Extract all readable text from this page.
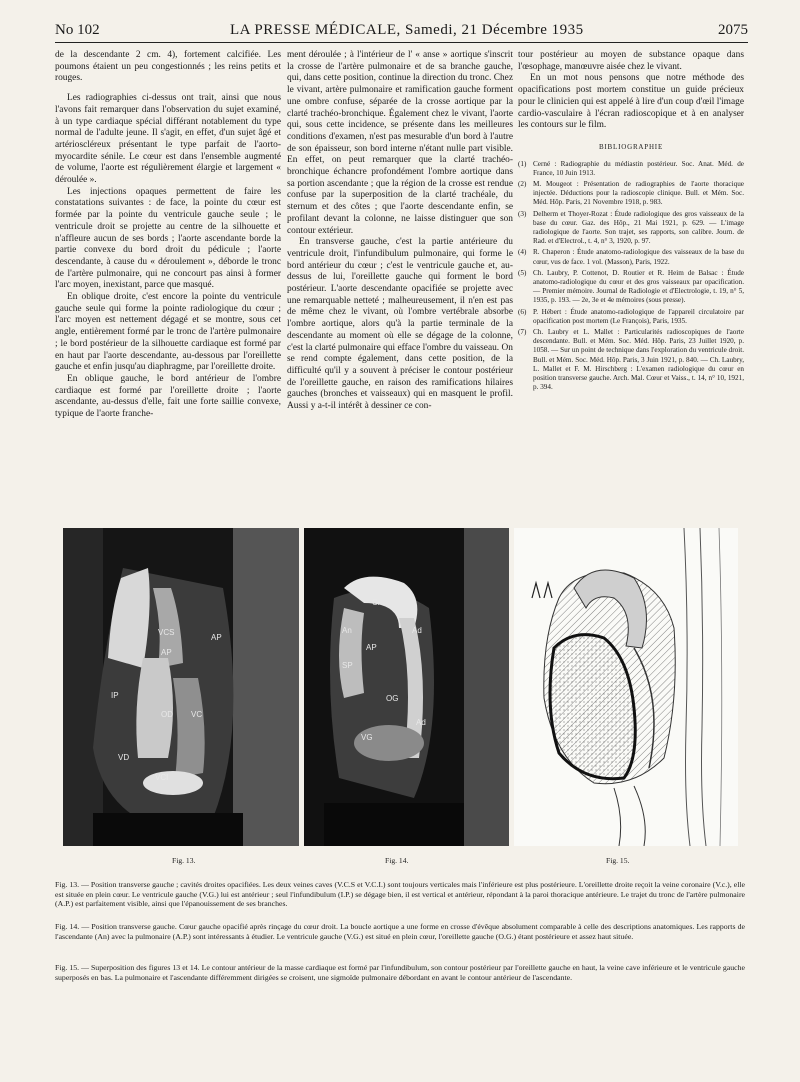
No 102	LA PRESSE MÉDICALE, Samedi, 21 Décembre 1935	2075

de la descendante 2 cm. 4), fortement calcifiée. Les poumons étaient un peu congestionnés ; les reins petits et rouges.

Les radiographies ci-dessus ont trait, ainsi que nous l'avons fait remarquer dans l'observation du sujet examiné, à un type cardiaque spécial différant notablement du type normal de l'adulte jeune. Il s'agit, en effet, d'un sujet âgé et artérioscléreux présentant le type parfait de l'aorto-myocardite sénile. Le cœur est dans l'ensemble augmenté de volume, l'aorte est régulièrement élargie et largement « déroulée ».

Les injections opaques permettent de faire les constatations suivantes : de face, la pointe du cœur est formée par la pointe du ventricule gauche seule ; le ventricule droit se projette au centre de la silhouette et n'affleure aucun de ses bords ; l'aorte ascendante borde la partie convexe du bord droit du pédicule ; l'aorte descendante, à cause du « déroulement », déborde le tronc de l'artère pulmonaire, qui ne concourt pas ainsi à former l'arc moyen, inexistant, parce que masqué.

En oblique droite, c'est encore la pointe du ventricule gauche seule qui forme la pointe radiologique du cœur ; l'arc moyen est nettement dégagé et se montre, sous cet angle, entièrement formé par le tronc de l'artère pulmonaire ; le bord postérieur de la silhouette cardiaque est formé par en haut par l'aorte descendante, au-dessous par l'oreillette gauche et enfin jusqu'au diaphragme, par l'oreillette droite.

En oblique gauche, le bord antérieur de l'ombre cardiaque est formé par l'oreillette droite ; l'aorte ascendante, au-dessus d'elle, fait une forte saillie convexe, typique de l'aorte franche-

ment déroulée ; à l'intérieur de l' « anse » aortique s'inscrit la crosse de l'artère pulmonaire et de sa branche gauche, qui, dans cette position, continue la direction du tronc. Chez le vivant, artère pulmonaire et ramification gauche forment une ombre confuse, séparée de la crosse aortique par la clarté trachéo-bronchique. Également chez le vivant, l'aorte qui, sous cette incidence, se présente dans les meilleures conditions d'examen, n'est pas mesurable d'un bord à l'autre de son épaisseur, son bord interne n'étant nulle part visible. En effet, on peut remarquer que la clarté trachéo-bronchique échancre profondément l'ombre aortique dans sa portion ascendante ; que la région de la crosse est rendue confuse par la superposition de la clarté trachéale, du sternum et des côtes ; que l'aorte descendante enfin, se profilant devant la colonne, ne laisse distinguer que son contour extérieur.

En transverse gauche, c'est la partie antérieure du ventricule droit, l'infundibulum pulmonaire, qui forme le bord antérieur du cœur ; c'est le ventricule gauche et, au-dessus de lui, l'oreillette gauche qui forment le bord postérieur. L'aorte descendante opacifiée se projette avec une remarquable netteté ; malheureusement, il n'en est pas de même chez le vivant, où l'ombre vertébrale absorbe l'ombre aortique, alors qu'à la partie terminale de la descendante au moment où elle se dégage de la colonne, c'est la clarté pulmonaire qui efface l'ombre du vaisseau. On se rend compte également, dans cette position, de la difficulté qu'il y a souvent à préciser le contour postérieur de l'oreillette gauche, en raison des ramifications hilaires gauches (bronches et vaisseaux) qui en masquent le profil. Aussi y a-t-il intérêt à dessiner ce con-

tour postérieur au moyen de substance opaque dans l'œsophage, manœuvre aisée chez le vivant.

En un mot nous pensons que notre méthode des opacifications post mortem constitue un guide précieux pour le clinicien qui est appelé à lire d'un coup d'œil l'image cardio-vasculaire à l'écran radioscopique et à en analyser les contours sur le film.

BIBLIOGRAPHIE
(1) Cerné : Radiographie du médiastin postérieur. Soc. Anat. Méd. de France, 10 Juin 1913.
(2) M. Mougeot : Présentation de radiographies de l'aorte thoracique injectée. Déductions pour la radioscopie clinique. Bull. et Mém. Soc. Méd. Hôp. Paris, 21 Novembre 1918, p. 983.
(3) Delherm et Thoyer-Rozat : Étude radiologique des gros vaisseaux de la base du cœur. Gaz. des Hôp., 21 Mai 1921, p. 629. — L'image radiologique de l'aorte. Son trajet, ses rapports, son calibre. Journ. de Rad. et d'Electrol., t. 4, n° 3, 1920, p. 97.
(4) R. Chaperon : Étude anatomo-radiologique des vaisseaux de la base du cœur, vus de face. 1 vol. (Masson), Paris, 1922.
(5) Ch. Laubry, P. Cottenot, D. Routier et R. Heim de Balsac : Étude anatomo-radiologique du cœur et des gros vaisseaux par opacification. — Premier mémoire. Journal de Radiologie et d'Electrologie, t. 19, n° 5, 1935, p. 193. — 2e, 3e et 4e mémoires (sous presse).
(6) P. Hébert : Étude anatomo-radiologique de l'appareil circulatoire par opacification post mortem (Le François), Paris, 1935.
(7) Ch. Laubry et L. Mallet : Particularités radioscopiques de l'aorte descendante. Bull. et Mém. Soc. Méd. Hôp. Paris, 23 Juillet 1920, p. 1058. — Sur un point de technique dans l'exploration du ventricule droit. Bull. et Mém. Soc. Méd. Hôp. Paris, 3 Juin 1921, p. 840. — Ch. Laubry, L. Mallet et F. M. Hirschberg : L'examen radiologique du cœur en position transverse gauche. Arch. Mal. Cœur et Vaiss., t. 14, n° 10, 1921, p. 394.
VCS
AP
AP
IP
OD VC
VD
VCI
Cr
An	Ad
AP
SP
OG
Ad
VG
Fig. 13.	Fig. 14.	Fig. 15.
Fig. 13. — Position transverse gauche ; cavités droites opacifiées. Les deux veines caves (V.C.S et V.C.I.) sont toujours verticales mais l'inférieure est plus postérieure. L'oreillette droite reçoit la veine coronaire (V.c.), elle est située en plein cœur. Le ventricule gauche (V.G.) lui est antérieur ; seul l'infundibulum (I.P.) se dégage bien, il est vertical et antérieur, répondant à la paroi thoracique antérieure. Le trajet du tronc de l'artère pulmonaire (A.P.) est parfaitement visible, ainsi que l'épanouissement de ses branches.
Fig. 14. — Position transverse gauche. Cœur gauche opacifié après rinçage du cœur droit. La boucle aortique a une forme en crosse d'évêque absolument comparable à celle des descriptions anatomiques. Les rapports de l'ascendante (An) avec la pulmonaire (A.P.) sont intéressants à étudier. Le ventricule gauche (V.G.) est situé en plein cœur, l'oreillette gauche (O.G.) étant postérieure et assez haut située.
Fig. 15. — Superposition des figures 13 et 14. Le contour antérieur de la masse cardiaque est formé par l'infundibulum, son contour postérieur par l'oreillette gauche en haut, la veine cave inférieure et le ventricule gauche superposés en bas. La pulmonaire et l'ascendante différemment dirigées se croisent, une sigmoïde pulmonaire débordant en avant le contour antérieur de l'ascendante.
